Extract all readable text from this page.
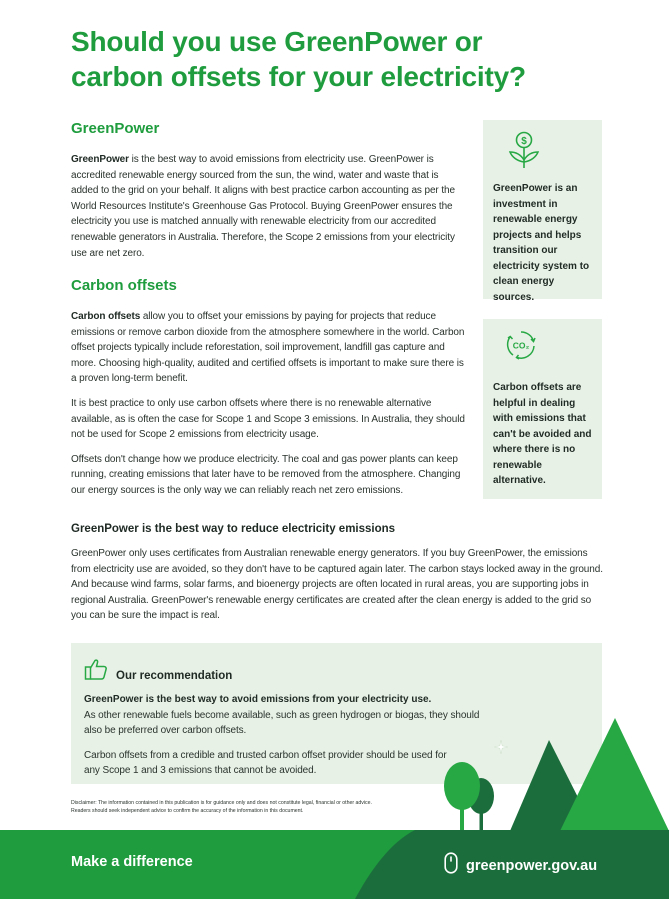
Should you use GreenPower or
carbon offsets for your electricity?
GreenPower

GreenPower is the best way to avoid emissions from electricity use. GreenPower is accredited renewable energy sourced from the sun, the wind, water and waste that is added to the grid on your behalf. It aligns with best practice carbon accounting as per the World Resources Institute's Greenhouse Gas Protocol. Buying GreenPower ensures the electricity you use is matched annually with renewable electricity from our accredited renewable generators in Australia. Therefore, the Scope 2 emissions from your electricity use are net zero.

Carbon offsets

Carbon offsets allow you to offset your emissions by paying for projects that reduce emissions or remove carbon dioxide from the atmosphere somewhere in the world. Carbon offset projects typically include reforestation, soil improvement, landfill gas capture and more. Choosing high-quality, audited and certified offsets is important to make sure there is a proven long-term benefit.

It is best practice to only use carbon offsets where there is no renewable alternative available, as is often the case for Scope 1 and Scope 3 emissions. In Australia, they should not be used for Scope 2 emissions from electricity usage.

Offsets don't change how we produce electricity. The coal and gas power plants can keep running, creating emissions that later have to be removed from the atmosphere. Changing our energy sources is the only way we can reliably reach net zero emissions.

$
GreenPower is an investment in renewable energy projects and helps transition our electricity system to clean energy sources.
CO₂
Carbon offsets are helpful in dealing with emissions that can't be avoided and where there is no renewable alternative.
GreenPower is the best way to reduce electricity emissions

GreenPower only uses certificates from Australian renewable energy generators. If you buy GreenPower, the emissions from electricity use are avoided, so they don't have to be captured again later. The carbon stays locked away in the ground. And because wind farms, solar farms, and bioenergy projects are often located in rural areas, you are supporting jobs in regional Australia. GreenPower's renewable energy certificates are created after the clean energy is added to the grid so you can be sure the impact is real.

Our recommendation
GreenPower is the best way to avoid emissions from your electricity use.

As other renewable fuels become available, such as green hydrogen or biogas, they should also be preferred over carbon offsets.

Carbon offsets from a credible and trusted carbon offset provider should be used for any Scope 1 and 3 emissions that cannot be avoided.

Disclaimer: The information contained in this publication is for guidance only and does not constitute legal, financial or other advice.
Readers should seek independent advice to confirm the accuracy of the information in this document.
Make a difference	greenpower.gov.au
